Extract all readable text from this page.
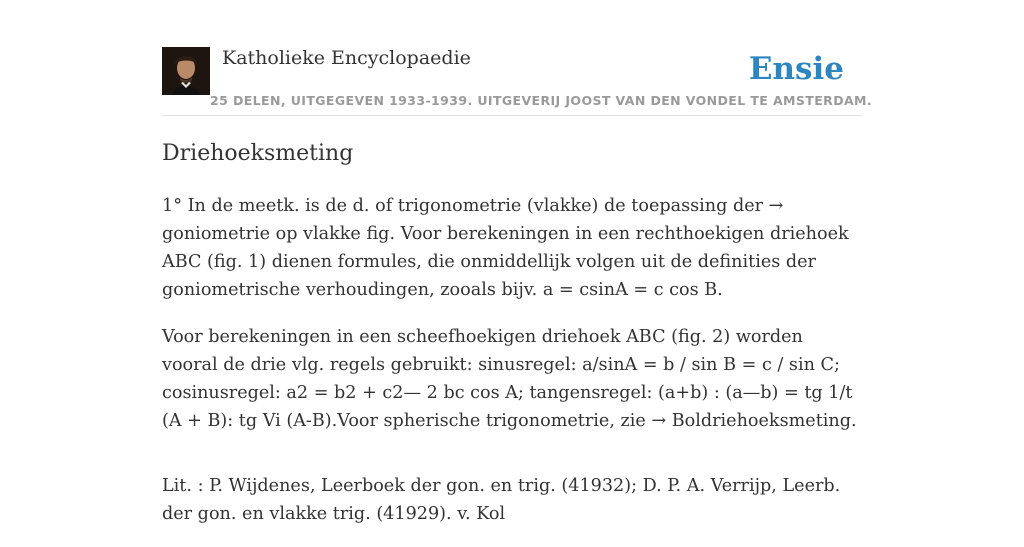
Katholieke Encyclopaedie	Ensie
25 DELEN, UITGEGEVEN 1933-1939. UITGEVERIJ JOOST VAN DEN VONDEL TE AMSTERDAM.
Driehoeksmeting

1° In de meetk. is de d. of trigonometrie (vlakke) de toepassing der → goniometrie op vlakke fig. Voor berekeningen in een rechthoekigen driehoek ABC (fig. 1) dienen formules, die onmiddellijk volgen uit de definities der goniometrische verhoudingen, zooals bijv. a = csinA = c cos B.

Voor berekeningen in een scheefhoekigen driehoek ABC (fig. 2) worden vooral de drie vlg. regels gebruikt: sinusregel: a/sinA = b / sin B = c / sin C; cosinusregel: a2 = b2 + c2— 2 bc cos A; tangensregel: (a+b) : (a—b) = tg 1/t (A + B): tg Vi (A-B).Voor spherische trigonometrie, zie → Boldriehoeksmeting.

Lit. : P. Wijdenes, Leerboek der gon. en trig. (41932); D. P. A. Verrijp, Leerb. der gon. en vlakke trig. (41929). v. Kol
